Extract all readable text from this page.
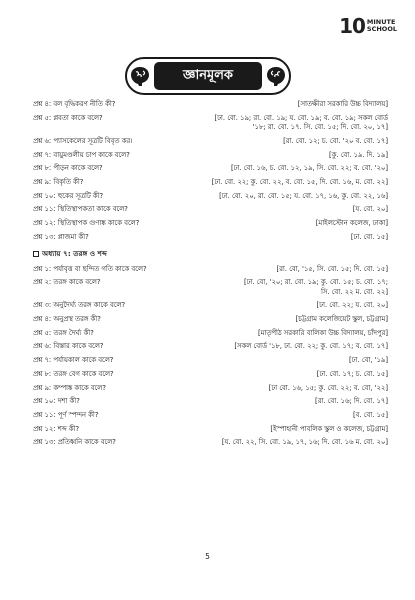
10 MINUTE
SCHOOL
জ্ঞানমূলক
প্রশ্ন ৪: বল বৃদ্ধিকরণ নীতি কী?	[সাতক্ষীরা সরকারি উচ্চ বিদ্যালয়]
প্রশ্ন ৫: প্লবতা কাকে বলে?	[ঢা. বো. ১৯; রা. বো. ১৯; য. বো. ১৯; ব. বো. ১৯; সকল বোর্ড
'১৮; রা. বো. ১৭. সি. বো. ১৫; দি. বো. ২০, ১৭]
প্রশ্ন ৬: প্যাসকেলের সূত্রটি বিবৃত কর।	[রা. বো. ১২; চ. বো. '২০ ব. বো. ১৭]
প্রশ্ন ৭: বায়ুমণ্ডলীয় চাপ কাকে বলে?	[কু. বো. ১৯. দি. ১৯]
প্রশ্ন ৮: পীড়ন কাকে বলে?	[ঢা. বো. ১৬, চ. বো. ১২, ১৯, সি. বো. ২২; ব. বো. '২০]
প্রশ্ন ৯: বিকৃতি কী?	[ঢা. বো. ২২; কু. বো. ২২, ব. বো. ১৫, দি. বো. ১৬, ম. বো. ২২]
প্রশ্ন ১০: হুকের সূত্রটি কী?	[ঢা. বো. ২০, রা. বো. ১৫; য. বো. ১৭, ১৬, কু. বো. ২২, ১৬]
প্রশ্ন ১১: স্থিতিস্থাপকতা কাকে বলে?	[য. বো. ২০]
প্রশ্ন ১২: স্থিতিস্থাপক গুণাঙ্ক কাকে বলে?	[মাইলস্টোন কলেজ, ঢাকা]
প্রশ্ন ১৩: প্লাজমা কী?	[ঢা. বো. ১৫]
অধ্যায় ৭: তরঙ্গ ও শব্দ
প্রশ্ন ১: পর্যাবৃত্ত বা ছন্দিত গতি কাকে বলে?	[রা. বো, '১৫, সি. বো. ১৫; দি. বো. ১৫]
প্রশ্ন ২: তরঙ্গ কাকে বলে?	[ঢা. বো, '২০; রা. বো. ১৯; কু. বো. ১৫; চ. বো. ১৭;
সি. বো. ২২ ম. বো. ২২]
প্রশ্ন ৩: অনুদৈর্ঘ্য তরঙ্গ কাকে বলে?	[ঢা. বো. ২২; য. বো. ২০]
প্রশ্ন ৪: অনুপ্রস্থ তরঙ্গ কী?	[চট্টগ্রাম কলেজিয়েট স্কুল, চট্টগ্রাম]
প্রশ্ন ৫: তরঙ্গ দৈর্ঘ্য কী?	[মাতৃপীঠ সরকারি বালিকা উচ্চ বিদ্যালয়, চাঁদপুর]
প্রশ্ন ৬: বিস্তার কাকে বলে?	[সকল বোর্ড '১৮, ঢা. বো. ২২; কু. বো. ১৭; ব. বো. ১৭]
প্রশ্ন ৭: পর্যায়কাল কাকে বলে?	[ঢা. বো, '১৯]
প্রশ্ন ৮: তরঙ্গ বেগ কাকে বলে?	[ঢা. বো. ১৭; চ. বো. ১৫]
প্রশ্ন ৯: কম্পাঙ্ক কাকে বলে?	[ঢা বো. ১৬, ১৫; কু. বো. ২২; ব. বো, '২২]
প্রশ্ন ১০: দশা কী?	[রা. বো. ১৬; দি. বো. ১৭]
প্রশ্ন ১১: পূর্ণ স্পন্দন কী?	[ব. বো. ১৫]
প্রশ্ন ১২: শব্দ কী?	[ইস্পাহানী পাবলিক স্কুল ও কলেজ, চট্টগ্রাম]
প্রশ্ন ১৩: প্রতিধ্বনি কাকে বলে?	[য. বো. ২২, সি. বো. ১৯, ১৭, ১৬; দি. বো. ১৬ ম. বো. ২০]
5
